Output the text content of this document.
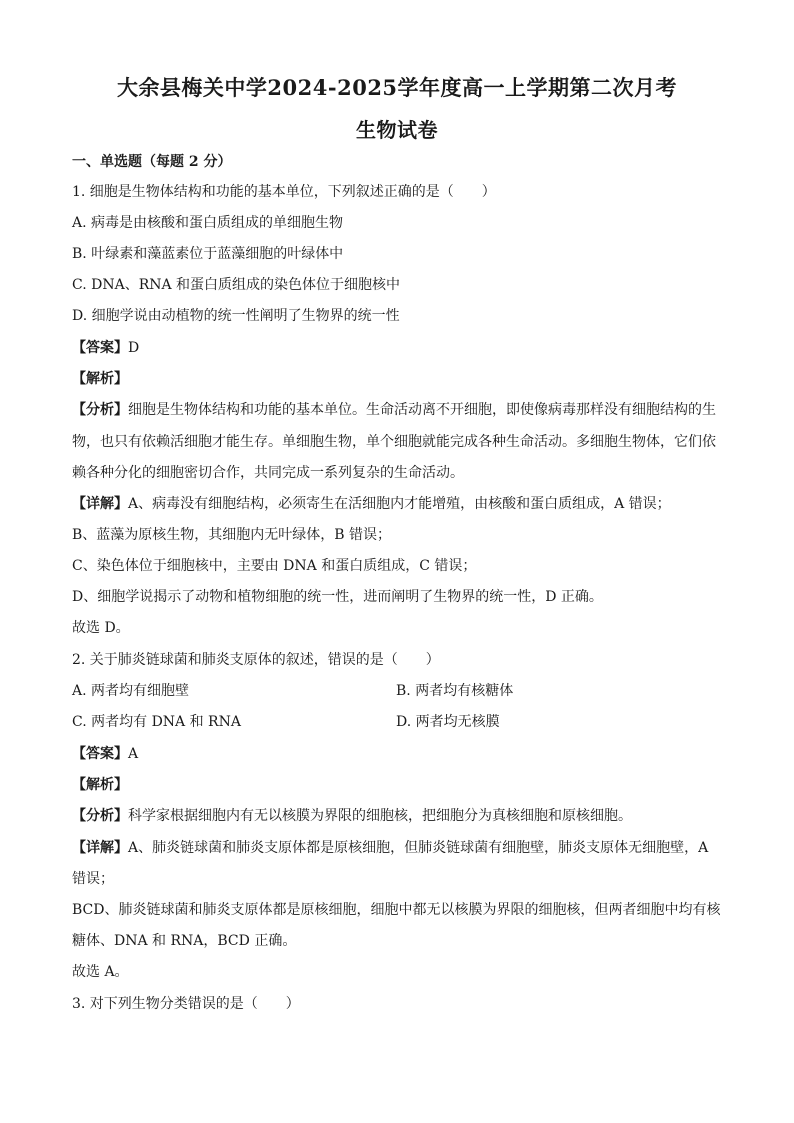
大余县梅关中学2024-2025学年度高一上学期第二次月考
生物试卷
一、单选题（每题 2 分）
1. 细胞是生物体结构和功能的基本单位，下列叙述正确的是（　　）
A. 病毒是由核酸和蛋白质组成的单细胞生物
B. 叶绿素和藻蓝素位于蓝藻细胞的叶绿体中
C. DNA、RNA 和蛋白质组成的染色体位于细胞核中
D. 细胞学说由动植物的统一性阐明了生物界的统一性
【答案】D
【解析】
【分析】细胞是生物体结构和功能的基本单位。生命活动离不开细胞，即使像病毒那样没有细胞结构的生
物，也只有依赖活细胞才能生存。单细胞生物，单个细胞就能完成各种生命活动。多细胞生物体，它们依
赖各种分化的细胞密切合作，共同完成一系列复杂的生命活动。
【详解】A、病毒没有细胞结构，必须寄生在活细胞内才能增殖，由核酸和蛋白质组成，A 错误；
B、蓝藻为原核生物，其细胞内无叶绿体，B 错误；
C、染色体位于细胞核中，主要由 DNA 和蛋白质组成，C 错误；
D、细胞学说揭示了动物和植物细胞的统一性，进而阐明了生物界的统一性，D 正确。
故选 D。
2. 关于肺炎链球菌和肺炎支原体的叙述，错误的是（　　）
A. 两者均有细胞壁	B. 两者均有核糖体
C. 两者均有 DNA 和 RNA	D. 两者均无核膜
【答案】A
【解析】
【分析】科学家根据细胞内有无以核膜为界限的细胞核，把细胞分为真核细胞和原核细胞。
【详解】A、肺炎链球菌和肺炎支原体都是原核细胞，但肺炎链球菌有细胞壁，肺炎支原体无细胞壁，A
错误；
BCD、肺炎链球菌和肺炎支原体都是原核细胞，细胞中都无以核膜为界限的细胞核，但两者细胞中均有核
糖体、DNA 和 RNA，BCD 正确。
故选 A。
3. 对下列生物分类错误的是（　　）
